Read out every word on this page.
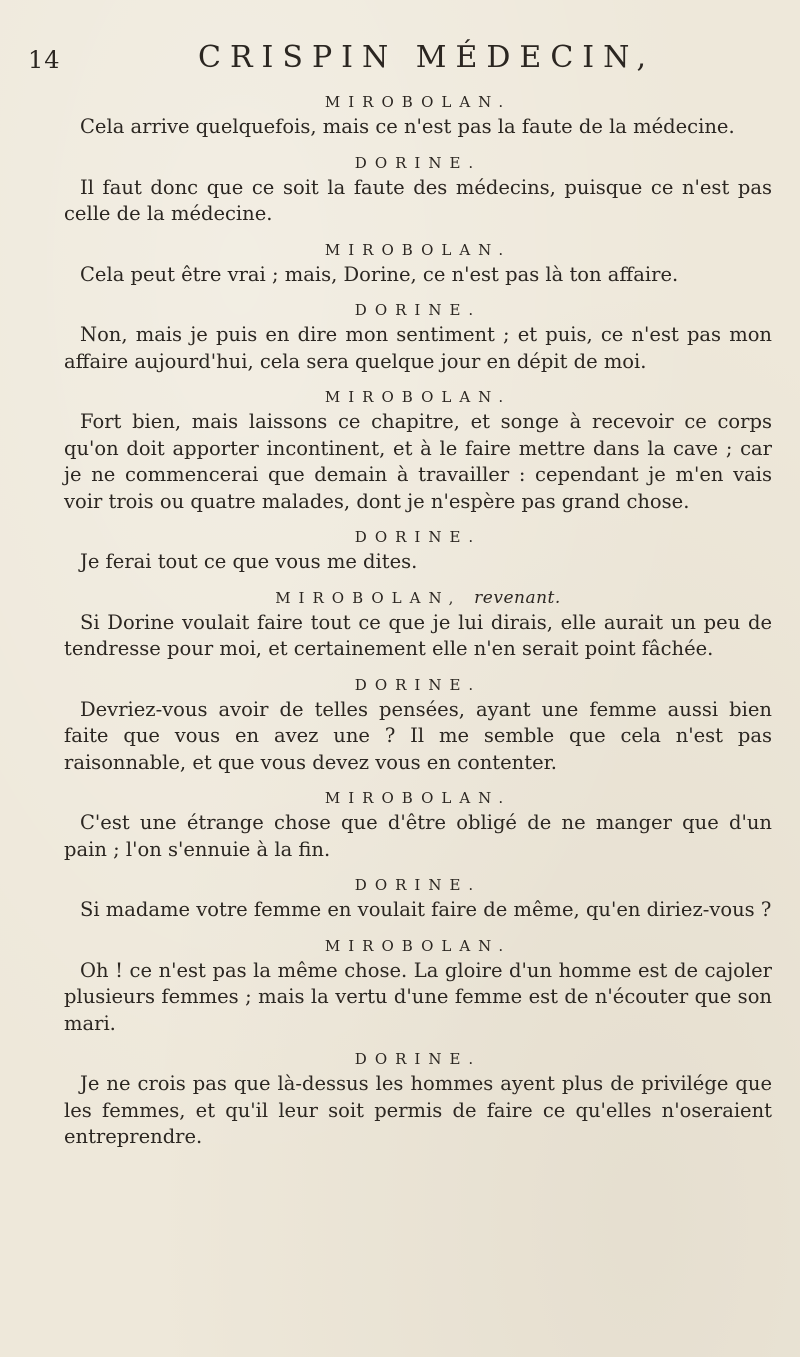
14	CRISPIN MÉDECIN,
MIROBOLAN.

Cela arrive quelquefois, mais ce n'est pas la faute de la médecine.

DORINE.

Il faut donc que ce soit la faute des médecins, puisque ce n'est pas celle de la médecine.

MIROBOLAN.

Cela peut être vrai ; mais, Dorine, ce n'est pas là ton affaire.

DORINE.

Non, mais je puis en dire mon sentiment ; et puis, ce n'est pas mon affaire aujourd'hui, cela sera quelque jour en dépit de moi.

MIROBOLAN.

Fort bien, mais laissons ce chapitre, et songe à recevoir ce corps qu'on doit apporter incontinent, et à le faire mettre dans la cave ; car je ne commencerai que demain à travailler : cependant je m'en vais voir trois ou quatre malades, dont je n'espère pas grand chose.

DORINE.

Je ferai tout ce que vous me dites.

MIROBOLAN, revenant.

Si Dorine voulait faire tout ce que je lui dirais, elle aurait un peu de tendresse pour moi, et certainement elle n'en serait point fâchée.

DORINE.

Devriez-vous avoir de telles pensées, ayant une femme aussi bien faite que vous en avez une ? Il me semble que cela n'est pas raisonnable, et que vous devez vous en contenter.

MIROBOLAN.

C'est une étrange chose que d'être obligé de ne manger que d'un pain ; l'on s'ennuie à la fin.

DORINE.

Si madame votre femme en voulait faire de même, qu'en diriez-vous ?

MIROBOLAN.

Oh ! ce n'est pas la même chose. La gloire d'un homme est de cajoler plusieurs femmes ; mais la vertu d'une femme est de n'écouter que son mari.

DORINE.

Je ne crois pas que là-dessus les hommes ayent plus de privilége que les femmes, et qu'il leur soit permis de faire ce qu'elles n'oseraient entreprendre.
